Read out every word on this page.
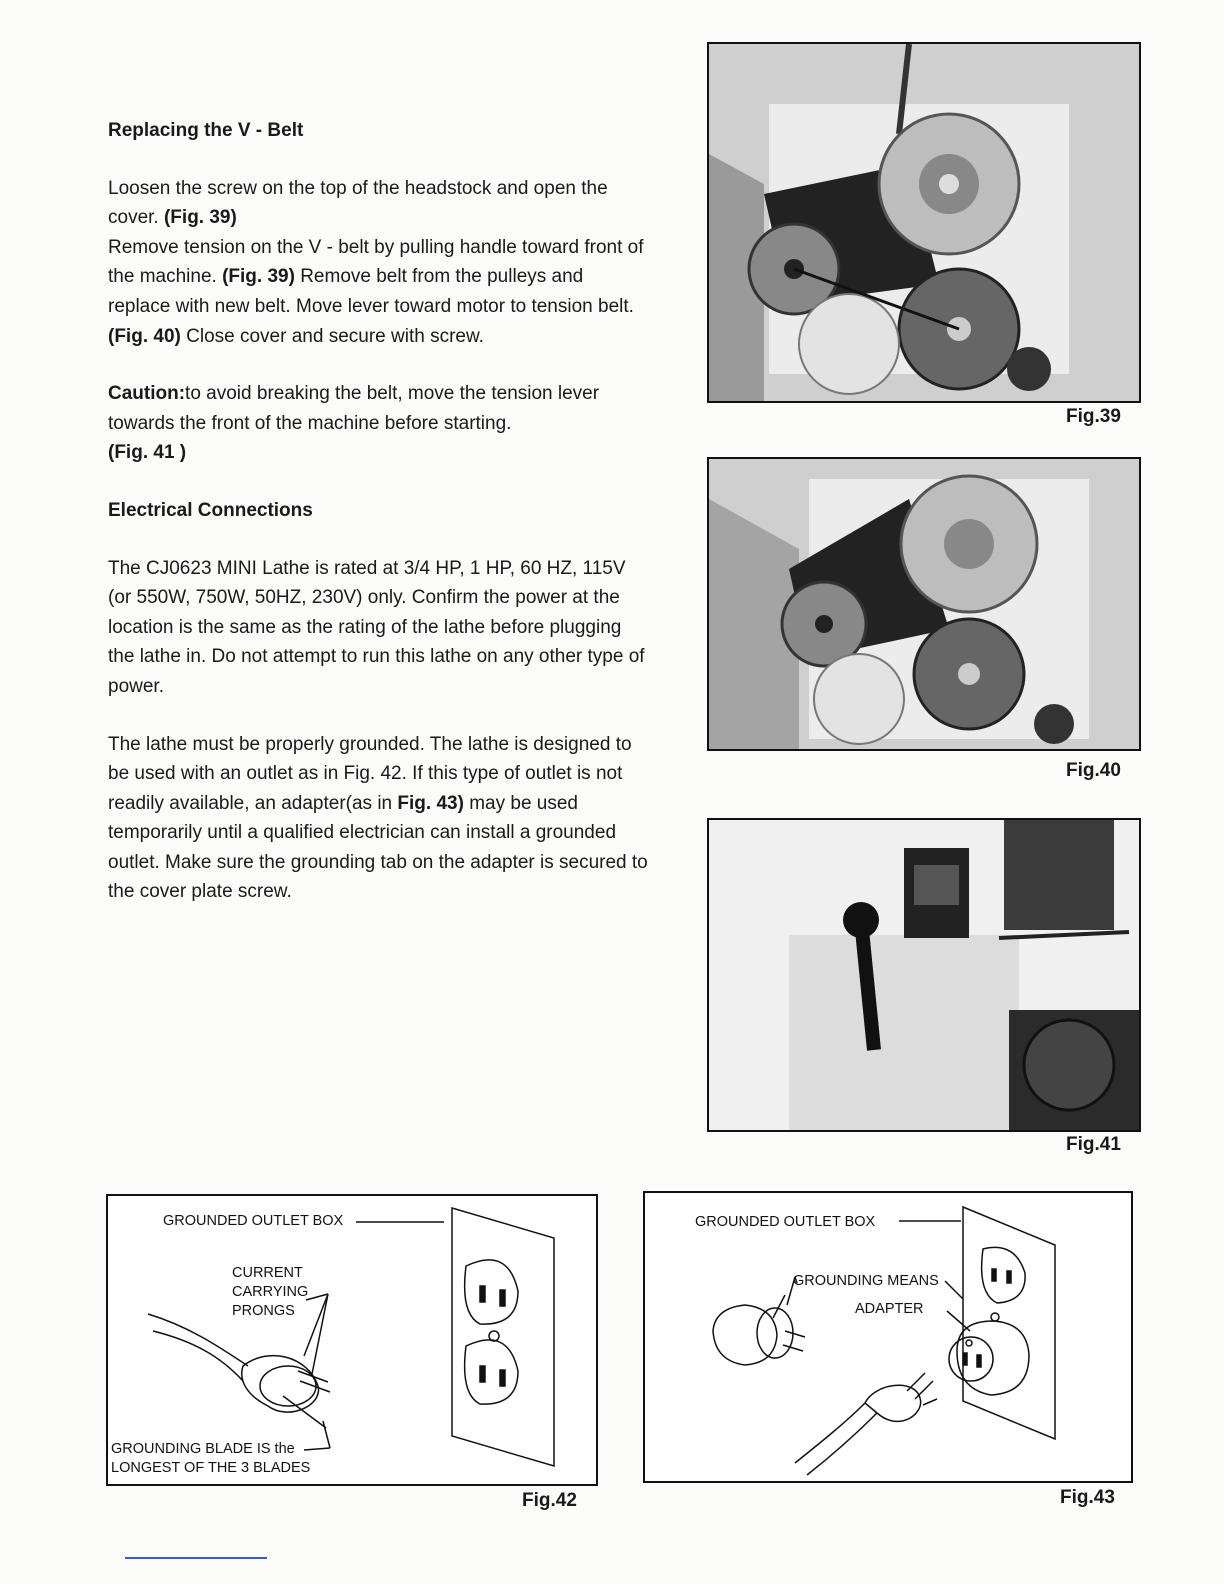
Replacing the V - Belt

Loosen the screw on the top of the headstock and open the cover. (Fig. 39)

Remove tension on the V - belt by pulling handle toward front of the machine. (Fig. 39) Remove belt from the pulleys and replace with new belt. Move lever toward motor to tension belt. (Fig. 40) Close cover and secure with screw.

Caution:to avoid breaking the belt, move the tension lever towards the front of the machine before starting.
(Fig. 41 )

Electrical Connections

The CJ0623 MINI Lathe is rated at 3/4 HP, 1 HP, 60 HZ, 115V (or 550W, 750W, 50HZ, 230V) only. Confirm the power at the location is the same as the rating of the lathe before plugging the lathe in. Do not attempt to run this lathe on any other type of power.

The lathe must be properly grounded. The lathe is designed to be used with an outlet as in Fig. 42. If this type of outlet is not readily available, an adapter(as in Fig. 43) may be used temporarily until a qualified electrician can install a grounded outlet. Make sure the grounding tab on the adapter is secured to the cover plate screw.

Fig.39
Fig.40
Fig.41
GROUNDED OUTLET BOX
CURRENT
CARRYING
PRONGS
GROUNDING BLADE IS the
LONGEST OF THE 3 BLADES
Fig.42
GROUNDED OUTLET BOX
GROUNDING MEANS
ADAPTER
Fig.43
